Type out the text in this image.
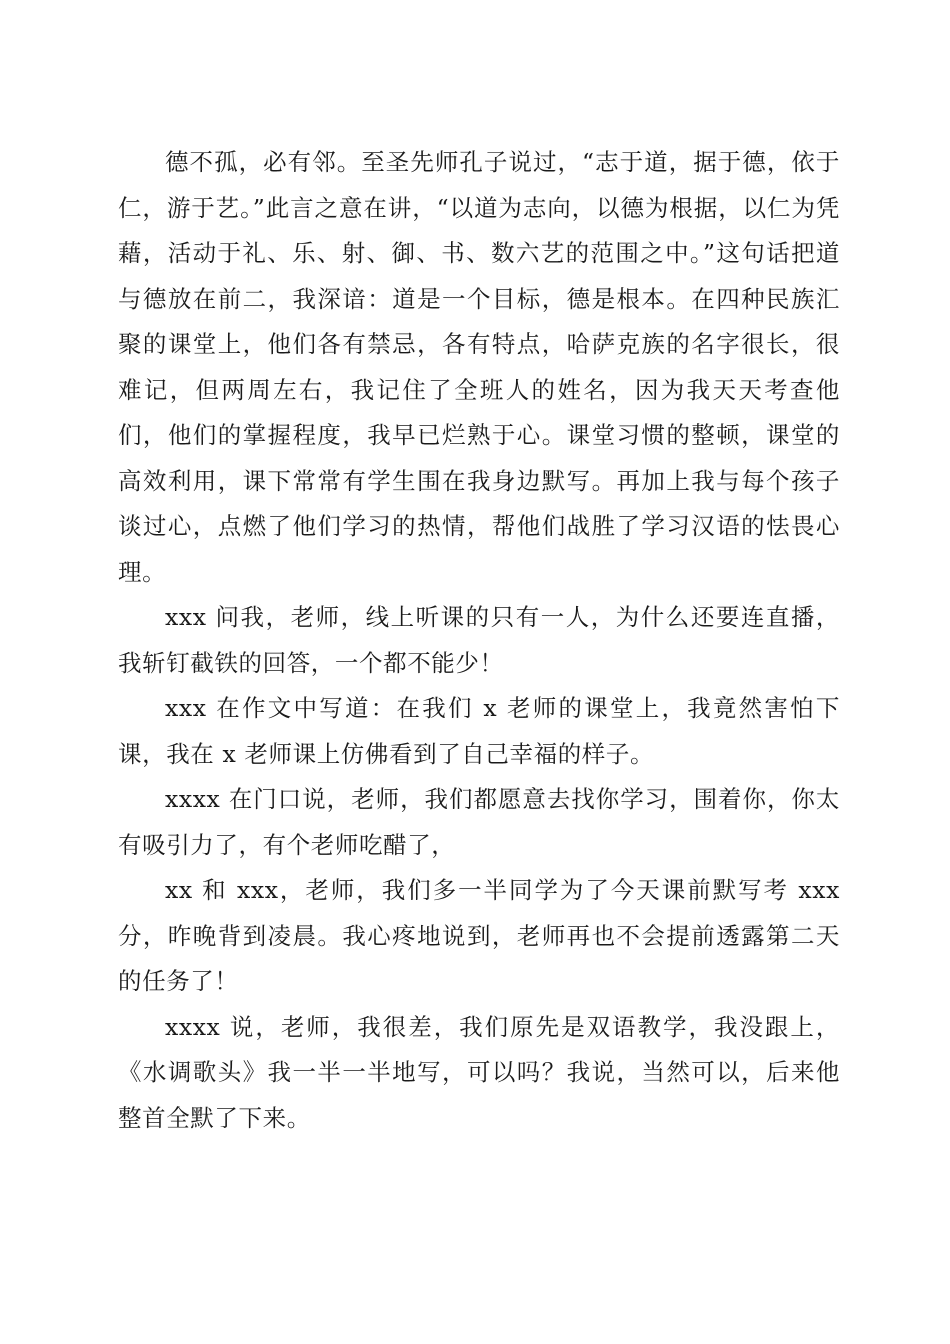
德不孤，必有邻。至圣先师孔子说过，“志于道，据于德，依于仁，游于艺。”此言之意在讲，“以道为志向，以德为根据，以仁为凭藉，活动于礼、乐、射、御、书、数六艺的范围之中。”这句话把道与德放在前二，我深谙：道是一个目标，德是根本。在四种民族汇聚的课堂上，他们各有禁忌，各有特点，哈萨克族的名字很长，很难记，但两周左右，我记住了全班人的姓名，因为我天天考查他们，他们的掌握程度，我早已烂熟于心。课堂习惯的整顿，课堂的高效利用，课下常常有学生围在我身边默写。再加上我与每个孩子谈过心，点燃了他们学习的热情，帮他们战胜了学习汉语的怯畏心理。

xxx 问我，老师，线上听课的只有一人，为什么还要连直播，我斩钉截铁的回答，一个都不能少！

xxx 在作文中写道：在我们 x 老师的课堂上，我竟然害怕下课，我在 x 老师课上仿佛看到了自己幸福的样子。

xxxx 在门口说，老师，我们都愿意去找你学习，围着你，你太有吸引力了，有个老师吃醋了，

xx 和 xxx，老师，我们多一半同学为了今天课前默写考 xxx 分，昨晚背到凌晨。我心疼地说到，老师再也不会提前透露第二天的任务了！

xxxx 说，老师，我很差，我们原先是双语教学，我没跟上，《水调歌头》我一半一半地写，可以吗？我说，当然可以，后来他整首全默了下来。
